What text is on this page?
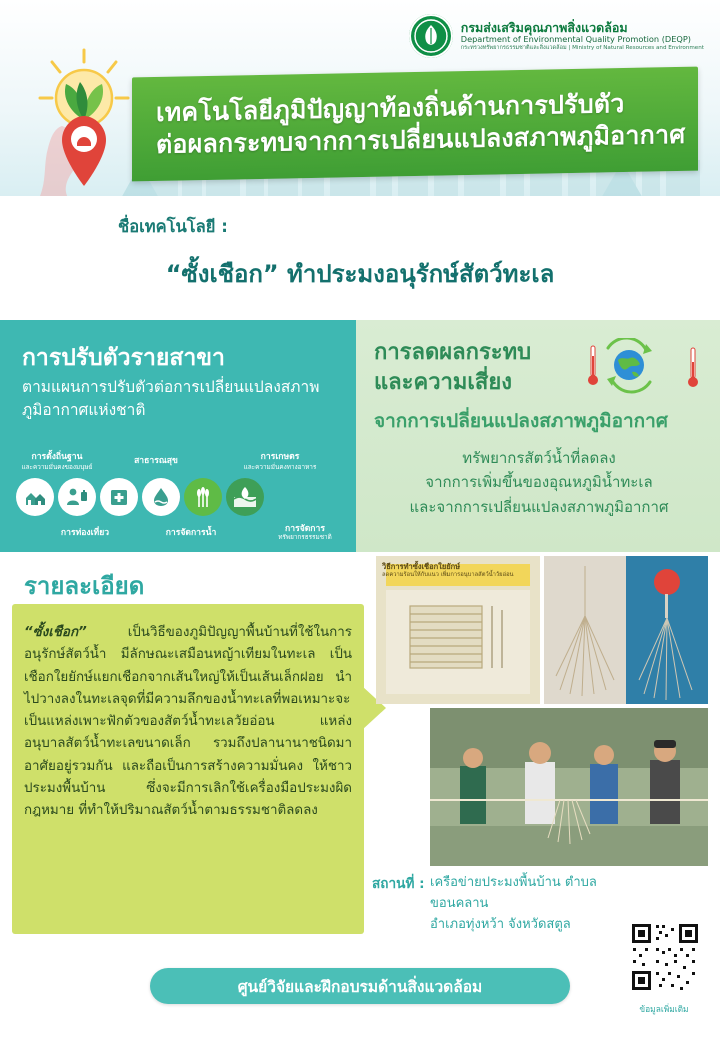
กรมส่งเสริมคุณภาพสิ่งแวดล้อม
Department of Environmental Quality Promotion (DEQP)
กระทรวงทรัพยากรธรรมชาติและสิ่งแวดล้อม | Ministry of Natural Resources and Environment
เทคโนโลยีภูมิปัญญาท้องถิ่นด้านการปรับตัว
ต่อผลกระทบจากการเปลี่ยนแปลงสภาพภูมิอากาศ
ชื่อเทคโนโลยี :
“ซั้งเชือก” ทำประมงอนุรักษ์สัตว์ทะเล
การปรับตัวรายสาขา
ตามแผนการปรับตัวต่อการเปลี่ยนแปลงสภาพภูมิอากาศแห่งชาติ
การตั้งถิ่นฐาน
และความมั่นคงของมนุษย์
สาธารณสุข	การเกษตร
และความมั่นคงทางอาหาร
การท่องเที่ยว	การจัดการน้ำ	การจัดการ
ทรัพยากรธรรมชาติ
การลดผลกระทบ
และความเสี่ยง
จากการเปลี่ยนแปลงสภาพภูมิอากาศ
ทรัพยากรสัตว์น้ำที่ลดลง
จากการเพิ่มขึ้นของอุณหภูมิน้ำทะเล
และจากการเปลี่ยนแปลงสภาพภูมิอากาศ
รายละเอียด
“ซั้งเชือก” เป็นวิธีของภูมิปัญญาพื้นบ้านที่ใช้ในการอนุรักษ์สัตว์น้ำ มีลักษณะเสมือนหญ้าเทียมในทะเล เป็นเชือกใยยักษ์แยกเชือกจากเส้นใหญ่ให้เป็นเส้นเล็กฝอย นำไปวางลงในทะเลจุดที่มีความลึกของน้ำทะเลที่พอเหมาะจะเป็นแหล่งเพาะฟักตัวของสัตว์น้ำทะเลวัยอ่อน แหล่งอนุบาลสัตว์น้ำทะเลขนาดเล็ก รวมถึงปลานานาชนิดมาอาศัยอยู่รวมกัน และถือเป็นการสร้างความมั่นคง ให้ชาวประมงพื้นบ้าน ซึ่งจะมีการเลิกใช้เครื่องมือประมงผิดกฎหมาย ที่ทำให้ปริมาณสัตว์น้ำตามธรรมชาติลดลง
วิธีการทำซั้งเชือกใยยักษ์
ลดความร้อนให้กับแนว เพิ่มการอนุบาลสัตว์น้ำวัยอ่อน
สถานที่ : เครือข่ายประมงพื้นบ้าน ตำบลขอนคลาน
อำเภอทุ่งหว้า จังหวัดสตูล
ข้อมูลเพิ่มเติม
ศูนย์วิจัยและฝึกอบรมด้านสิ่งแวดล้อม
